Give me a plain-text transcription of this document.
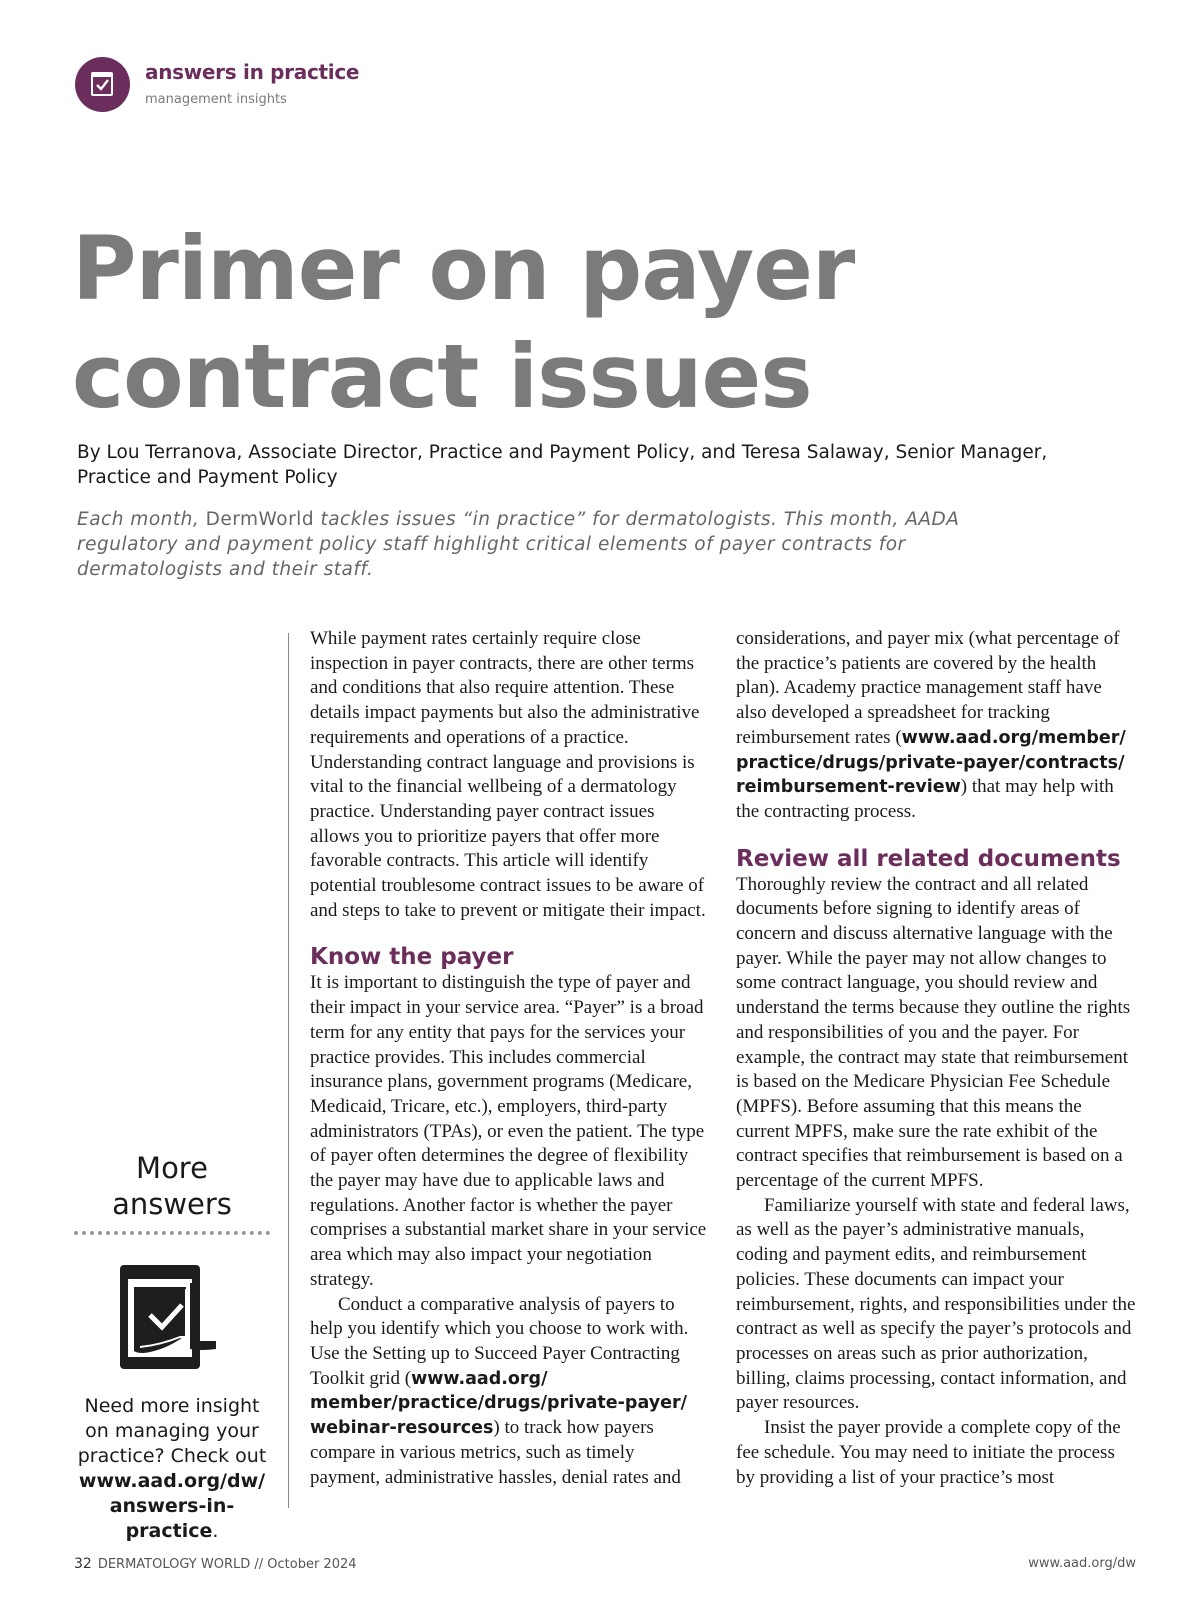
answers in practice
management insights
Primer on payer contract issues
By Lou Terranova, Associate Director, Practice and Payment Policy, and Teresa Salaway, Senior Manager,
Practice and Payment Policy
Each month, DermWorld tackles issues “in practice” for dermatologists. This month, AADA regulatory and payment policy staff highlight critical elements of payer contracts for dermatologists and their staff.
More
answers
Need more insight on managing your practice? Check out www.aad.org/dw/ answers-in-practice.

While payment rates certainly require close inspection in payer contracts, there are other terms and conditions that also require attention. These details impact payments but also the administrative requirements and operations of a practice. Understanding contract language and provisions is vital to the financial wellbeing of a dermatology practice. Understanding payer contract issues allows you to prioritize payers that offer more favorable contracts. This article will identify potential troublesome contract issues to be aware of and steps to take to prevent or mitigate their impact.

Know the payer

It is important to distinguish the type of payer and their impact in your service area. “Payer” is a broad term for any entity that pays for the services your practice provides. This includes commercial insurance plans, government programs (Medicare, Medicaid, Tricare, etc.), employers, third-party administrators (TPAs), or even the patient. The type of payer often determines the degree of flexibility the payer may have due to applicable laws and regulations. Another factor is whether the payer comprises a substantial market share in your service area which may also impact your negotiation strategy.

Conduct a comparative analysis of payers to help you identify which you choose to work with. Use the Setting up to Succeed Payer Contracting Toolkit grid (www.aad.org/ member/practice/drugs/private-payer/ webinar-resources) to track how payers compare in various metrics, such as timely payment, administrative hassles, denial rates and

considerations, and payer mix (what percentage of the practice’s patients are covered by the health plan). Academy practice management staff have also developed a spreadsheet for tracking reimbursement rates (www.aad.org/member/ practice/drugs/private-payer/contracts/ reimbursement-review) that may help with the contracting process.

Review all related documents

Thoroughly review the contract and all related documents before signing to identify areas of concern and discuss alternative language with the payer. While the payer may not allow changes to some contract language, you should review and understand the terms because they outline the rights and responsibilities of you and the payer. For example, the contract may state that reimbursement is based on the Medicare Physician Fee Schedule (MPFS). Before assuming that this means the current MPFS, make sure the rate exhibit of the contract specifies that reimbursement is based on a percentage of the current MPFS.

Familiarize yourself with state and federal laws, as well as the payer’s administrative manuals, coding and payment edits, and reimbursement policies. These documents can impact your reimbursement, rights, and responsibilities under the contract as well as specify the payer’s protocols and processes on areas such as prior authorization, billing, claims processing, contact information, and payer resources.

Insist the payer provide a complete copy of the fee schedule. You may need to initiate the process by providing a list of your practice’s most

32 DERMATOLOGY WORLD // October 2024	www.aad.org/dw
